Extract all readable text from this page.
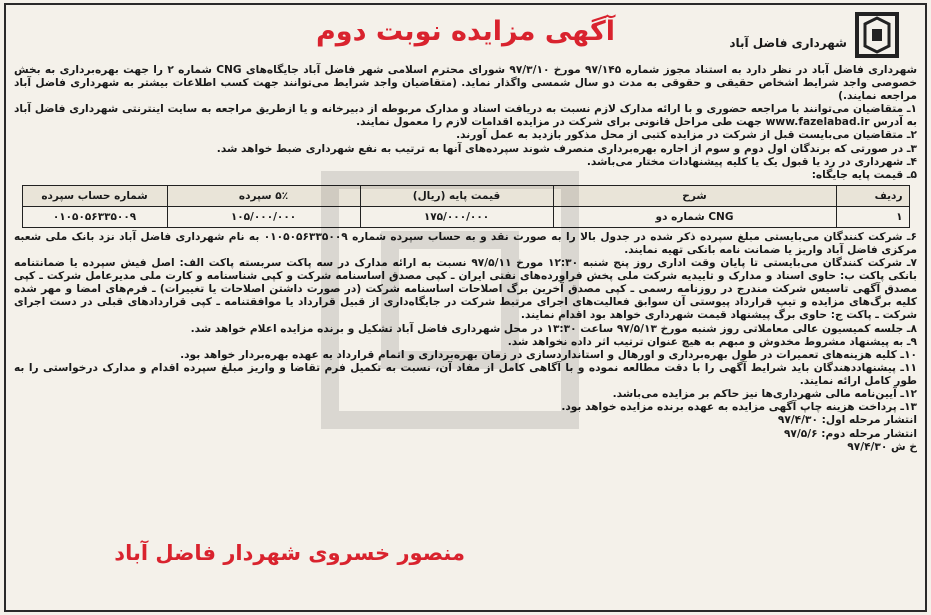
شهرداری فاضل آباد
آگهی مزایده نوبت دوم

شهرداری فاضل آباد در نظر دارد به استناد مجوز شماره ۹۷/۱۴۵ مورخ ۹۷/۳/۱۰ شورای محترم اسلامی شهر فاضل آباد جایگاه‌های CNG شماره ۲ را جهت بهره‌برداری به بخش خصوصی واجد شرایط اشخاص حقیقی و حقوقی به مدت دو سال شمسی واگذار نماید. (متقاضیان واجد شرایط می‌توانند جهت کسب اطلاعات بیشتر به شهرداری فاضل آباد مراجعه نمایند.)

۱ـ متقاضیان می‌توانند با مراجعه حضوری و با ارائه مدارک لازم نسبت به دریافت اسناد و مدارک مربوطه از دبیرخانه و یا ازطریق مراجعه به سایت اینترنتی شهرداری فاضل آباد به آدرس www.fazelabad.ir جهت طی مراحل قانونی برای شرکت در مزایده اقدامات لازم را معمول نمایند.

۲ـ متقاضیان می‌بایست قبل از شرکت در مزایده کتبی از محل مذکور بازدید به عمل آورند.

۳ـ در صورتی که برندگان اول دوم و سوم از اجاره بهره‌برداری منصرف شوند سپرده‌های آنها به ترتیب به نفع شهرداری ضبط خواهد شد.

۴ـ شهرداری در رد یا قبول یک یا کلیه پیشنهادات مختار می‌باشد.

۵ـ قیمت پایه جایگاه:

ردیف	شرح	قیمت پایه (ریال)	۵٪ سپرده	شماره حساب سپرده
۱	CNG شماره دو	۱۷۵/۰۰۰/۰۰۰	۱۰۵/۰۰۰/۰۰۰	۰۱۰۵۰۵۶۳۳۵۰۰۹

۶ـ شرکت کنندگان می‌بایستی مبلغ سپرده ذکر شده در جدول بالا را به صورت نقد و به حساب سپرده شماره ۰۱۰۵۰۵۶۳۳۵۰۰۹ به نام شهرداری فاضل آباد نزد بانک ملی شعبه مرکزی فاضل آباد واریز یا ضمانت نامه بانکی تهیه نمایند.

۷ـ شرکت کنندگان می‌بایستی تا پایان وقت اداری روز پنج شنبه ۱۲:۳۰ مورخ ۹۷/۵/۱۱ نسبت به ارائه مدارک در سه پاکت سربسته پاکت الف: اصل فیش سپرده یا ضمانتنامه بانکی پاکت ب: حاوی اسناد و مدارک و تاییدیه شرکت ملی پخش فراورده‌های نفتی ایران ـ کپی مصدق اساسنامه شرکت و کپی شناسنامه و کارت ملی مدیرعامل شرکت ـ کپی مصدق آگهی تاسیس شرکت مندرج در روزنامه رسمی ـ کپی مصدق آخرین برگ اصلاحات اساسنامه شرکت (در صورت داشتن اصلاحات یا تغییرات) ـ فرم‌های امضا و مهر شده کلیه برگ‌های مزایده و تیپ قرارداد پیوستی آن سوابق فعالیت‌های اجرای مرتبط شرکت در جایگاه‌داری از قبیل قرارداد یا موافقتنامه ـ کپی قراردادهای قبلی در دست اجرای شرکت ـ پاکت ج: حاوی برگ پیشنهاد قیمت شهرداری خواهد بود اقدام نمایند.

۸ـ جلسه کمیسیون عالی معاملاتی روز شنبه مورخ ۹۷/۵/۱۳ ساعت ۱۳:۳۰ در محل شهرداری فاضل آباد تشکیل و برنده مزایده اعلام خواهد شد.

۹ـ به پیشنهاد مشروط مخدوش و مبهم به هیچ عنوان ترتیب اثر داده نخواهد شد.

۱۰ـ کلیه هزینه‌های تعمیرات در طول بهره‌برداری و اورهال و استانداردسازی در زمان بهره‌برداری و اتمام قرارداد به عهده بهره‌بردار خواهد بود.

۱۱ـ پیشنهاددهندگان باید شرایط آگهی را با دقت مطالعه نموده و با آگاهی کامل از مفاد آن، نسبت به تکمیل فرم تقاضا و واریز مبلغ سپرده اقدام و مدارک درخواستی را به طور کامل ارائه نمایند.

۱۲ـ آیین‌نامه مالی شهرداری‌ها نیز حاکم بر مزایده می‌باشد.

۱۳ـ پرداخت هزینه چاپ آگهی مزایده به عهده برنده مزایده خواهد بود.

انتشار مرحله اول: ۹۷/۴/۳۰

انتشار مرحله دوم: ۹۷/۵/۶

خ ش ۹۷/۴/۳۰

منصور خسروی شهردار فاضل آباد
